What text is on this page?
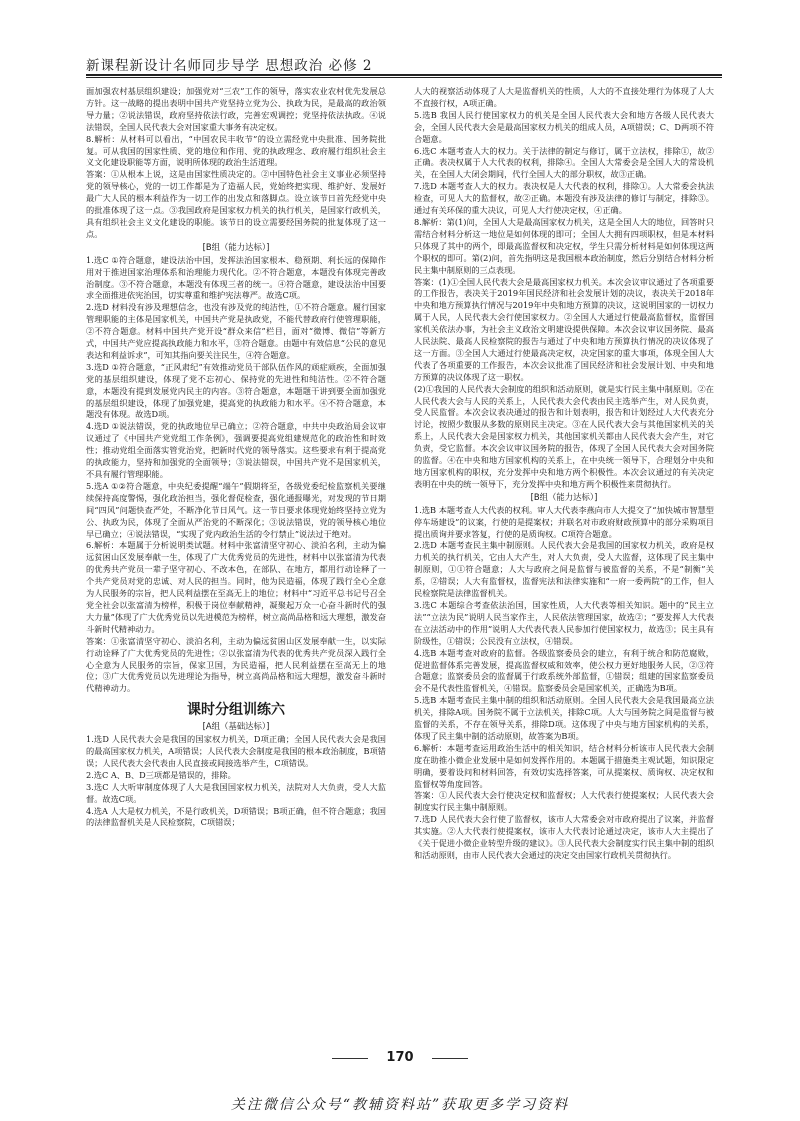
新课程新设计名师同步导学 思想政治 必修 2

面加强农村基层组织建设；加强党对“三农”工作的领导，落实农业农村优先发展总方针。这一战略的提出表明中国共产党坚持立党为公、执政为民，是最高的政治领导力量；②说法错误，政府坚持依法行政，完善宏观调控；党坚持依法执政。④说法错误，全国人民代表大会对国家重大事务有决定权。

8.解析：从材料可以看出，“中国农民丰收节”的设立需经党中央批准、国务院批复。可从我国的国家性质、党的地位和作用、党的执政理念、政府履行组织社会主义文化建设职能等方面，说明所体现的政治生活道理。

答案：①从根本上说，这是由国家性质决定的。②中国特色社会主义事业必须坚持党的领导核心，党的一切工作都是为了造福人民，党始终把实现、维护好、发展好最广大人民的根本利益作为一切工作的出发点和落脚点。设立该节日首先经党中央的批准体现了这一点。③我国政府是国家权力机关的执行机关，是国家行政机关，具有组织社会主义文化建设的职能。该节日的设立需要经国务院的批复体现了这一点。

[B组（能力达标）]

1.选C ①符合题意，建设法治中国，发挥法治国家根本、稳预期、利长远的保障作用对于推进国家治理体系和治理能力现代化。②不符合题意，本题没有体现完善政治制度。③不符合题意，本题没有体现三者的统一。④符合题意，建设法治中国要求全面推进依宪治国，切实尊重和维护宪法尊严。故选C项。

2.选D 材料没有涉及理想信念，也没有涉及党的纯洁性，①不符合题意。履行国家管理职能的主体是国家机关，中国共产党是执政党，不能代替政府行使管理职能，②不符合题意。材料中国共产党开设“群众来信”栏目，面对“微博、微信”等新方式，中国共产党应提高执政能力和水平，③符合题意。由题中有效信息“公民的意见表达和利益诉求”，可知其指向要关注民生，④符合题意。

3.选D ①符合题意，“正风肃纪”有效推动党员干部队伍作风的顽症顽疾，全面加强党的基层组织建设，体现了党不忘初心、保持党的先进性和纯洁性。②不符合题意，本题没有提到发展党内民主的内容。③符合题意，本题题干讲到要全面加强党的基层组织建设，体现了加强党建，提高党的执政能力和水平。④不符合题意，本题没有体现。故选D项。

4.选D ①说法错误，党的执政地位早已确立；②符合题意，中共中央政治局会议审议通过了《中国共产党党组工作条例》，强调要提高党组建规范化的政治性和时效性；推动党组全面落实管党治党，把新时代党的领导落实。这些要求有利于提高党的执政能力，坚持和加强党的全面领导；③说法错误，中国共产党不是国家机关，不具有履行管理职能。

5.选A ①②符合题意，中央纪委提醒“端午”假期将至，各级党委纪检监察机关要继续保持高度警惕，强化政治担当，强化督促检查，强化通报曝光，对发现的节日期间“四风”问题快查严处，不断净化节日风气。这一节日要求体现党始终坚持立党为公、执政为民，体现了全面从严治党的不断深化；③说法错误，党的领导核心地位早已确立；④说法错误，“实现了党内政治生活的令行禁止”说法过于绝对。

6.解析：本题属于分析说明类试题。材料中张富清坚守初心、淡泊名利，主动为偏远贫困山区发展奉献一生，体现了广大优秀党员的先进性，材料中以张富清为代表的优秀共产党员一辈子坚守初心、不改本色，在部队、在地方，都用行动诠释了一个共产党员对党的忠诚、对人民的担当。同时，他为民造福，体现了践行全心全意为人民服务的宗旨，把人民利益摆在至高无上的地位；材料中“习近平总书记号召全党全社会以张富清为榜样，积极于岗位奉献精神，凝聚起万众一心奋斗新时代的强大力量”体现了广大优秀党员以先进模范为榜样，树立高尚品格和远大理想，激发奋斗新时代精神动力。

答案：①张富清坚守初心、淡泊名利，主动为偏远贫困山区发展奉献一生，以实际行动诠释了广大优秀党员的先进性；②以张富清为代表的优秀共产党员深入践行全心全意为人民服务的宗旨，保家卫国，为民造福，把人民利益摆在至高无上的地位；③广大优秀党员以先进理论为指导，树立高尚品格和远大理想，激发奋斗新时代精神动力。

课时分组训练六
[A组（基础达标）]

1.选D 人民代表大会是我国的国家权力机关，D项正确；全国人民代表大会是我国的最高国家权力机关，A项错误；人民代表大会制度是我国的根本政治制度，B项错误；人民代表大会代表由人民直接或间接选举产生，C项错误。

2.选C A、B、D三项都是错误的，排除。

3.选C 人大听审制度体现了人大是我国国家权力机关，法院对人大负责，受人大监督。故选C项。

4.选A 人大是权力机关，不是行政机关，D项错误；B项正确，但不符合题意；我国的法律监督机关是人民检察院，C项错误；

人大的视察活动体现了人大是监督机关的性质，人大的不直接处理行为体现了人大不直接行权，A项正确。

5.选B 我国人民行使国家权力的机关是全国人民代表大会和地方各级人民代表大会，全国人民代表大会是最高国家权力机关的组成人员，A项错误；C、D两项不符合题意。

6.选C 本题考查人大的权力。关于法律的制定与修订，属于立法权，排除①，故②正确。表决权属于人大代表的权利，排除④。全国人大常委会是全国人大的常设机关，在全国人大闭会期间，代行全国人大的部分职权，故③正确。

7.选D 本题考查人大的权力。表决权是人大代表的权利，排除①。人大常委会执法检查，可见人大的监督权，故②正确。本题没有涉及法律的修订与制定，排除③。通过有关环保的重大决议，可见人大行使决定权，④正确。

8.解析：第(1)问，全国人大是最高国家权力机关，这是全国人大的地位，回答时只需结合材料分析这一地位是如何体现的即可；全国人大拥有四项职权，但是本材料只体现了其中的两个，即最高监督权和决定权，学生只需分析材料是如何体现这两个职权的即可。第(2)问，首先指明这是我国根本政治制度，然后分别结合材料分析民主集中制原则的三点表现。

答案：(1)①全国人民代表大会是最高国家权力机关。本次会议审议通过了各项重要的工作报告，表决关于2019年国民经济和社会发展计划的决议，表决关于2018年中央和地方预算执行情况与2019年中央和地方预算的决议，这说明国家的一切权力属于人民，人民代表大会行使国家权力。②全国人大通过行使最高监督权，监督国家机关依法办事，为社会主义政治文明建设提供保障。本次会议审议国务院、最高人民法院、最高人民检察院的报告与通过了中央和地方预算执行情况的决议体现了这一方面。③全国人大通过行使最高决定权，决定国家的重大事项，体现全国人大代表了各项重要的工作报告，本次会议批准了国民经济和社会发展计划、中央和地方预算的决议体现了这一职权。

(2)①我国的人民代表大会制度的组织和活动原则，就是实行民主集中制原则。②在人民代表大会与人民的关系上，人民代表大会代表由民主选举产生，对人民负责，受人民监督。本次会议表决通过的报告和计划表明，报告和计划经过人大代表充分讨论，按照少数服从多数的原则民主决定。③在人民代表大会与其他国家机关的关系上，人民代表大会是国家权力机关，其他国家机关都由人民代表大会产生，对它负责，受它监督。本次会议审议国务院的报告，体现了全国人民代表大会对国务院的监督。④在中央和地方国家机构的关系上，在中央统一领导下，合理划分中央和地方国家机构的职权，充分发挥中央和地方两个积极性。本次会议通过的有关决定表明在中央的统一领导下，充分发挥中央和地方两个积极性来贯彻执行。

[B组（能力达标）]

1.选B 本题考查人大代表的权利。审人大代表李燕向市人大提交了“加快城市智慧型停车场建设”的议案，行使的是提案权；并联名对市政府财政预算中的部分采购项目提出质询并要求答复，行使的是质询权。C项符合题意。

2.选D 本题考查民主集中制原则。人民代表大会是我国的国家权力机关，政府是权力机关的执行机关，它由人大产生，对人大负责，受人大监督，这体现了民主集中制原则，①①符合题意；人大与政府之间是监督与被监督的关系，不是“制衡”关系，②错误；人大有监督权，监督宪法和法律实施和“一府一委两院”的工作，但人民检察院是法律监督机关。

3.选C 本题综合考查依法治国，国家性质，人大代表等相关知识。题中的“民主立法”“立法为民”说明人民当家作主，人民依法管理国家，故选②；“要发挥人大代表在立法活动中的作用”说明人大代表代表人民参加行使国家权力，故选③；民主具有阶级性，①错误；公民没有立法权，④错误。

4.选B 本题考查对政府的监督。各级监察委员会的建立，有利于统合和防范腐败，促进监督体系完善发展，提高监督权威和效率，使公权力更好地服务人民，②③符合题意；监察委员会的监督属于行政系统外部监督，①错误；组建的国家监察委员会不是代表性监督机关，④错误。监察委员会是国家机关，正确选为B项。

5.选B 本题考查民主集中制的组织和活动原则。全国人民代表大会是我国最高立法机关，排除A项。国务院不属于立法机关，排除C项。人大与国务院之间是监督与被监督的关系，不存在领导关系，排除D项。这体现了中央与地方国家机构的关系，体现了民主集中制的活动原则，故答案为B项。

6.解析：本题考查运用政治生活中的相关知识，结合材料分析该市人民代表大会制度在助推小微企业发展中是如何发挥作用的。本题属于措施类主观试题，知识限定明确，要着设问和材料回答，有效切实选择答案，可从提案权、质询权、决定权和监督权等角度回答。

答案：①人民代表大会行使决定权和监督权；人大代表行使提案权；人民代表大会制度实行民主集中制原则。

7.选D 人民代表大会行使了监督权，该市人大常委会对市政府提出了议案，并监督其实施。②人大代表行使提案权，该市人大代表讨论通过决定，该市人大主提出了《关于促进小微企业转型升级的建议》。③人民代表大会制度实行民主集中制的组织和活动原则，由市人民代表大会通过的决定交由国家行政机关贯彻执行。

170
关注微信公众号“教辅资料站”获取更多学习资料
